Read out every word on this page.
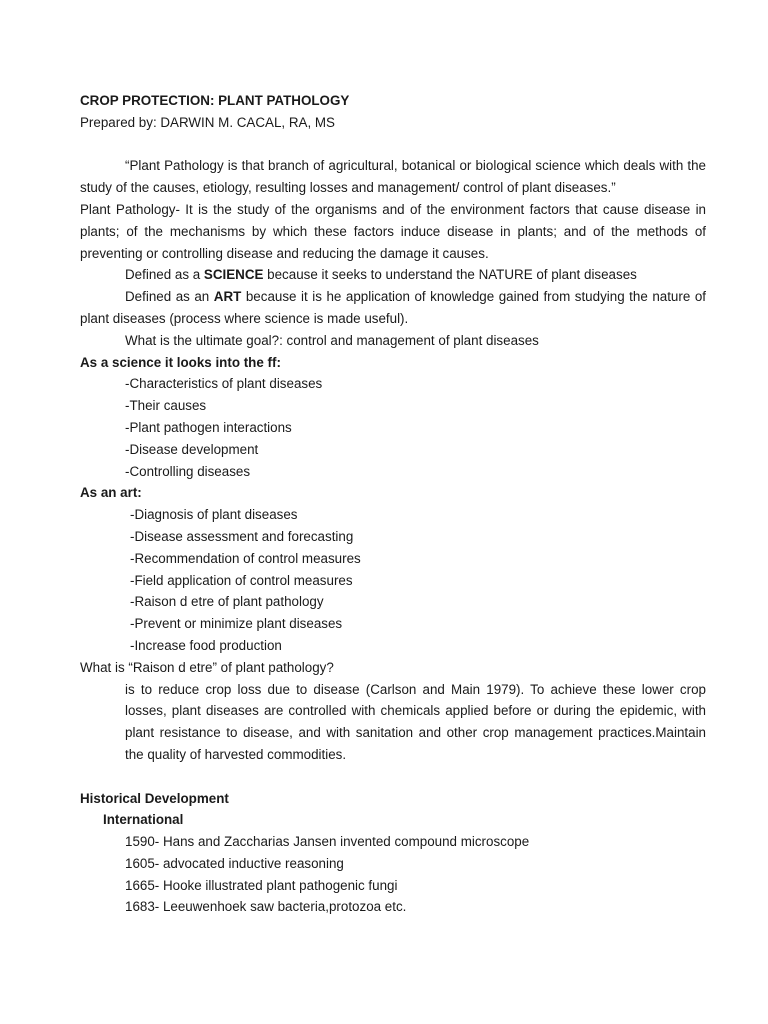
CROP PROTECTION: PLANT PATHOLOGY
Prepared by: DARWIN M. CACAL, RA, MS
“Plant Pathology is that branch of agricultural, botanical or biological science which deals with the study of the causes, etiology, resulting losses and management/ control of plant diseases.”
Plant Pathology- It is the study of the organisms and of the environment factors that cause disease in plants; of the mechanisms by which these factors induce disease in plants; and of the methods of preventing or controlling disease and reducing the damage it causes.
Defined as a SCIENCE because it seeks to understand the NATURE of plant diseases
Defined as an ART because it is he application of knowledge gained from studying the nature of plant diseases (process where science is made useful).
What is the ultimate goal?: control and management of plant diseases
As a science it looks into the ff:
-Characteristics of plant diseases
-Their causes
-Plant pathogen interactions
-Disease development
-Controlling diseases
As an art:
-Diagnosis of plant diseases
-Disease assessment and forecasting
-Recommendation of control measures
-Field application of control measures
-Raison d etre of plant pathology
-Prevent or minimize plant diseases
-Increase food production
What is “Raison d etre” of plant pathology?
is to reduce crop loss due to disease (Carlson and Main 1979). To achieve these lower crop losses, plant diseases are controlled with chemicals applied before or during the epidemic, with plant resistance to disease, and with sanitation and other crop management practices.Maintain the quality of harvested commodities.
Historical Development
International
1590- Hans and Zaccharias Jansen invented compound microscope
1605- advocated inductive reasoning
1665- Hooke illustrated plant pathogenic fungi
1683- Leeuwenhoek saw bacteria,protozoa etc.
